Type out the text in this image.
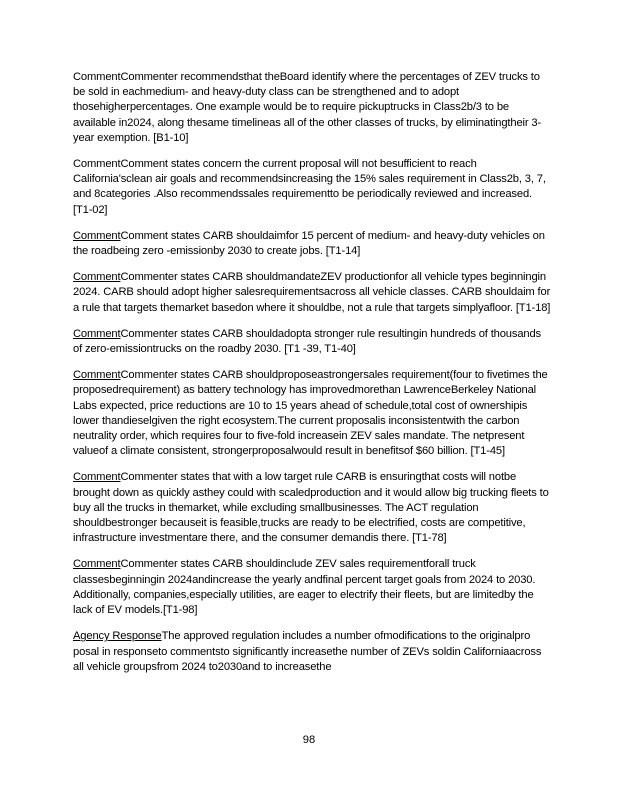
CommentCommenter recommendsthat theBoard identify where the percentages of ZEV trucks to be sold in eachmedium- and heavy-duty class can be strengthened and to adopt thosehigherpercentages. One example would be to require pickuptrucks in Class2b/3 to be available in2024, along thesame timelineas all of the other classes of trucks, by eliminatingtheir 3-year exemption. [B1-10]

CommentComment states concern the current proposal will not besufficient to reach California'sclean air goals and recommendsincreasing the 15% sales requirement in Class2b, 3, 7, and 8categories .Also recommendssales requirementto be periodically reviewed and increased.[T1-02]

CommentComment states CARB shouldaimfor 15 percent of medium- and heavy-duty vehicles on the roadbeing zero -emissionby 2030 to create jobs. [T1-14]

CommentCommenter states CARB shouldmandateZEV productionfor all vehicle types beginningin 2024. CARB should adopt higher salesrequirementsacross all vehicle classes. CARB shouldaim for a rule that targets themarket basedon where it shouldbe, not a rule that targets simplyafloor. [T1-18]

CommentCommenter states CARB shouldadopta stronger rule resultingin hundreds of thousands of zero-emissiontrucks on the roadby 2030. [T1 -39, T1-40]

CommentCommenter states CARB shouldproposeastrongersales requirement(four to fivetimes the proposedrequirement) as battery technology has improvedmorethan LawrenceBerkeley National Labs expected, price reductions are 10 to 15 years ahead of schedule,total cost of ownershipis lower thandieselgiven the right ecosystem.The current proposalis inconsistentwith the carbon neutrality order, which requires four to five-fold increasein ZEV sales mandate. The netpresent valueof a climate consistent, strongerproposalwould result in benefitsof $60 billion. [T1-45]

CommentCommenter states that with a low target rule CARB is ensuringthat costs will notbe brought down as quickly asthey could with scaledproduction and it would allow big trucking fleets to buy all the trucks in themarket, while excluding smallbusinesses. The ACT regulation shouldbestronger becauseit is feasible,trucks are ready to be electrified, costs are competitive, infrastructure investmentare there, and the consumer demandis there. [T1-78]

CommentCommenter states CARB shouldinclude ZEV sales requirementforall truck classesbeginningin 2024andincrease the yearly andfinal percent target goals from 2024 to 2030. Additionally, companies,especially utilities, are eager to electrify their fleets, but are limitedby the lack of EV models.[T1-98]

Agency ResponseThe approved regulation includes a number ofmodifications to the originalpro posal in responseto commentsto significantly increasethe number of ZEVs soldin Californiaacross all vehicle groupsfrom 2024 to2030and to increasethe

98
